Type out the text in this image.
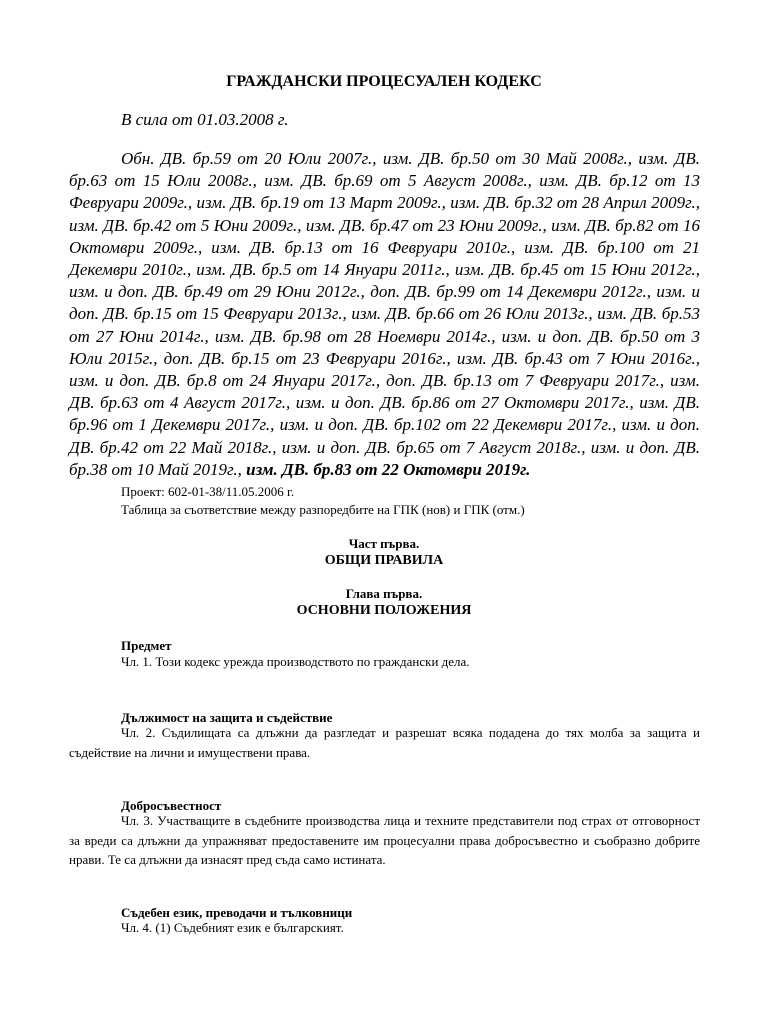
ГРАЖДАНСКИ ПРОЦЕСУАЛЕН КОДЕКС
В сила от 01.03.2008 г.

Обн. ДВ. бр.59 от 20 Юли 2007г., изм. ДВ. бр.50 от 30 Май 2008г., изм. ДВ. бр.63 от 15 Юли 2008г., изм. ДВ. бр.69 от 5 Август 2008г., изм. ДВ. бр.12 от 13 Февруари 2009г., изм. ДВ. бр.19 от 13 Март 2009г., изм. ДВ. бр.32 от 28 Април 2009г., изм. ДВ. бр.42 от 5 Юни 2009г., изм. ДВ. бр.47 от 23 Юни 2009г., изм. ДВ. бр.82 от 16 Октомври 2009г., изм. ДВ. бр.13 от 16 Февруари 2010г., изм. ДВ. бр.100 от 21 Декември 2010г., изм. ДВ. бр.5 от 14 Януари 2011г., изм. ДВ. бр.45 от 15 Юни 2012г., изм. и доп. ДВ. бр.49 от 29 Юни 2012г., доп. ДВ. бр.99 от 14 Декември 2012г., изм. и доп. ДВ. бр.15 от 15 Февруари 2013г., изм. ДВ. бр.66 от 26 Юли 2013г., изм. ДВ. бр.53 от 27 Юни 2014г., изм. ДВ. бр.98 от 28 Ноември 2014г., изм. и доп. ДВ. бр.50 от 3 Юли 2015г., доп. ДВ. бр.15 от 23 Февруари 2016г., изм. ДВ. бр.43 от 7 Юни 2016г., изм. и доп. ДВ. бр.8 от 24 Януари 2017г., доп. ДВ. бр.13 от 7 Февруари 2017г., изм. ДВ. бр.63 от 4 Август 2017г., изм. и доп. ДВ. бр.86 от 27 Октомври 2017г., изм. ДВ. бр.96 от 1 Декември 2017г., изм. и доп. ДВ. бр.102 от 22 Декември 2017г., изм. и доп. ДВ. бр.42 от 22 Май 2018г., изм. и доп. ДВ. бр.65 от 7 Август 2018г., изм. и доп. ДВ. бр.38 от 10 Май 2019г., изм. ДВ. бр.83 от 22 Октомври 2019г.

Проект: 602-01-38/11.05.2006 г.
Таблица за съответствие между разпоредбите на ГПК (нов) и ГПК (отм.)
Част първа.
ОБЩИ ПРАВИЛА
Глава първа.
ОСНОВНИ ПОЛОЖЕНИЯ
Предмет

Чл. 1. Този кодекс урежда производството по граждански дела.

Дължимост на защита и съдействие

Чл. 2. Съдилищата са длъжни да разгледат и разрешат всяка подадена до тях молба за защита и съдействие на лични и имуществени права.

Добросъвестност

Чл. 3. Участващите в съдебните производства лица и техните представители под страх от отговорност за вреди са длъжни да упражняват предоставените им процесуални права добросъвестно и съобразно добрите нрави. Те са длъжни да изнасят пред съда само истината.

Съдебен език, преводачи и тълковници

Чл. 4. (1) Съдебният език е българският.
